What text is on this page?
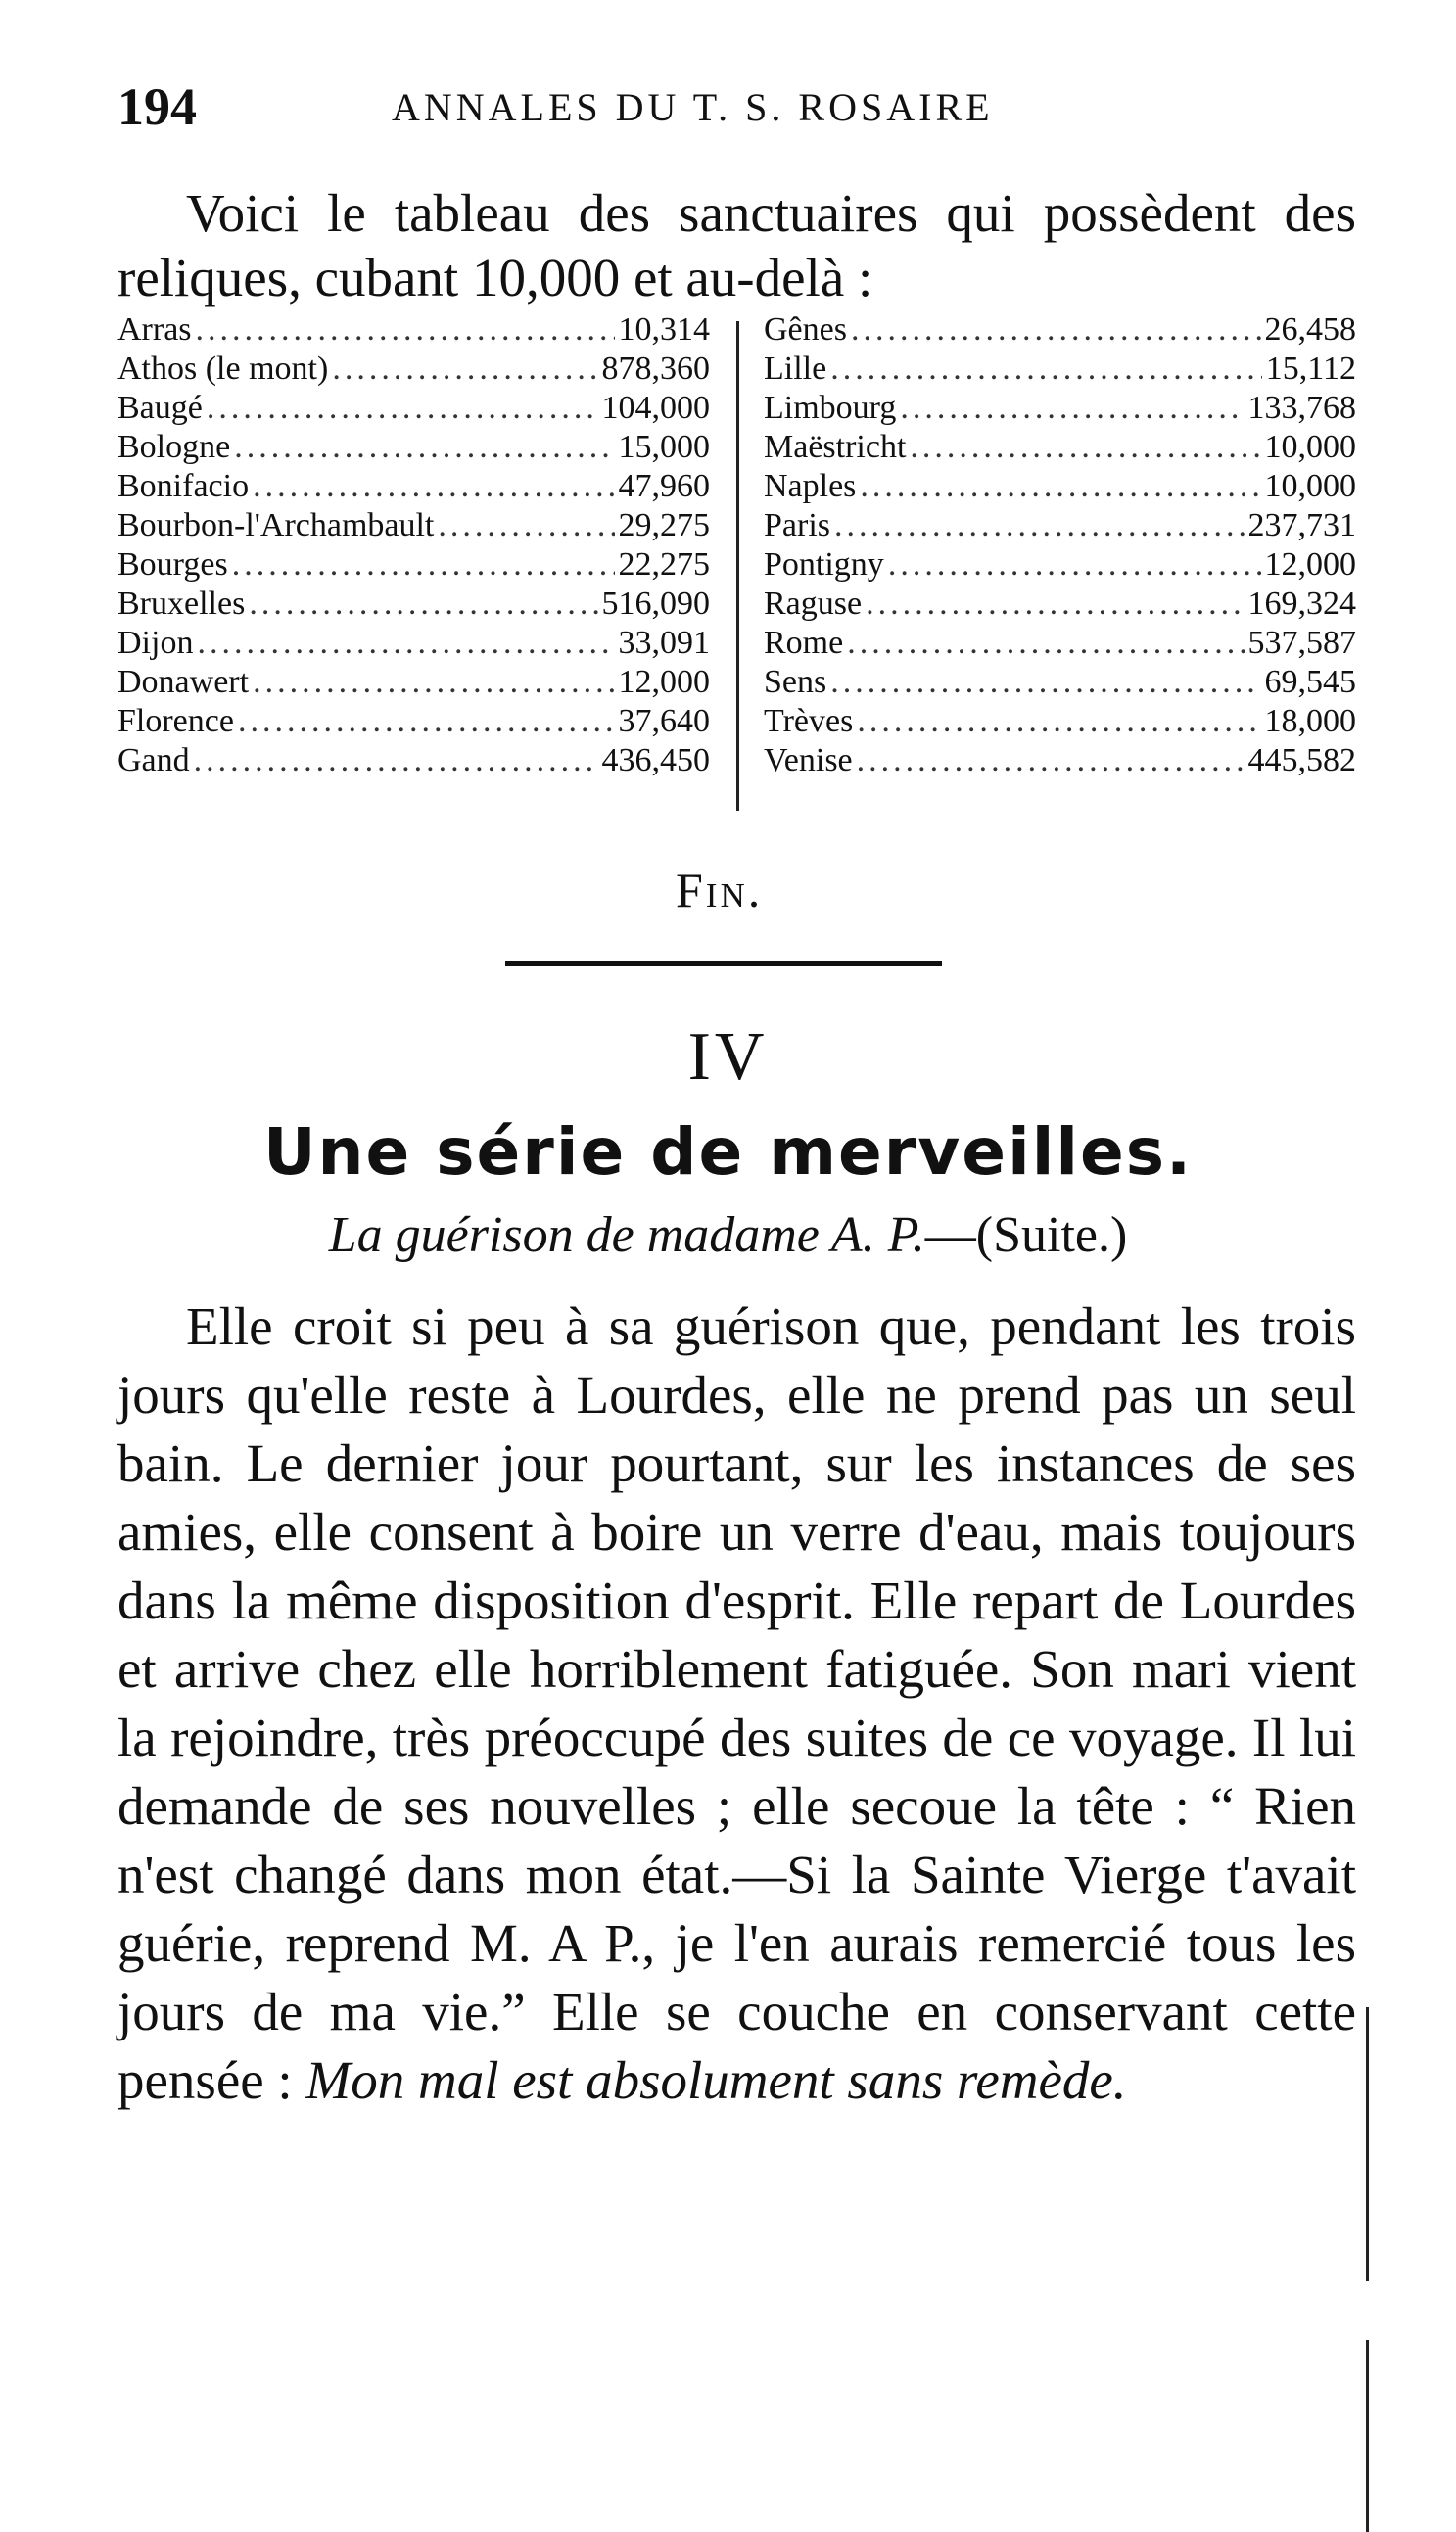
194	ANNALES DU T. S. ROSAIRE
Voici le tableau des sanctuaires qui possèdent des reliques, cubant 10,000 et au-delà :
Arras .....	10,314
Athos (le mont) .....	878,360
Baugé .....	104,000
Bologne .....	15,000
Bonifacio .....	47,960
Bourbon-l'Archambault .....	29,275
Bourges .....	22,275
Bruxelles .....	516,090
Dijon .....	33,091
Donawert .....	12,000
Florence .....	37,640
Gand .....	436,450
Gênes .....	26,458
Lille .....	15,112
Limbourg .....	133,768
Maëstricht .....	10,000
Naples .....	10,000
Paris .....	237,731
Pontigny .....	12,000
Raguse .....	169,324
Rome .....	537,587
Sens .....	69,545
Trèves .....	18,000
Venise .....	445,582
Fin.
IV
Une série de merveilles.
La guérison de madame A. P.—(Suite.)
Elle croit si peu à sa guérison que, pendant les trois jours qu'elle reste à Lourdes, elle ne prend pas un seul bain. Le dernier jour pourtant, sur les instances de ses amies, elle consent à boire un verre d'eau, mais toujours dans la même disposition d'esprit. Elle repart de Lourdes et arrive chez elle horriblement fatiguée. Son mari vient la rejoindre, très préoccupé des suites de ce voyage. Il lui demande de ses nouvelles ; elle secoue la tête : “ Rien n'est changé dans mon état.—Si la Sainte Vierge t'avait guérie, reprend M. A P., je l'en aurais remercié tous les jours de ma vie.” Elle se couche en conservant cette pensée : Mon mal est absolument sans remède.
